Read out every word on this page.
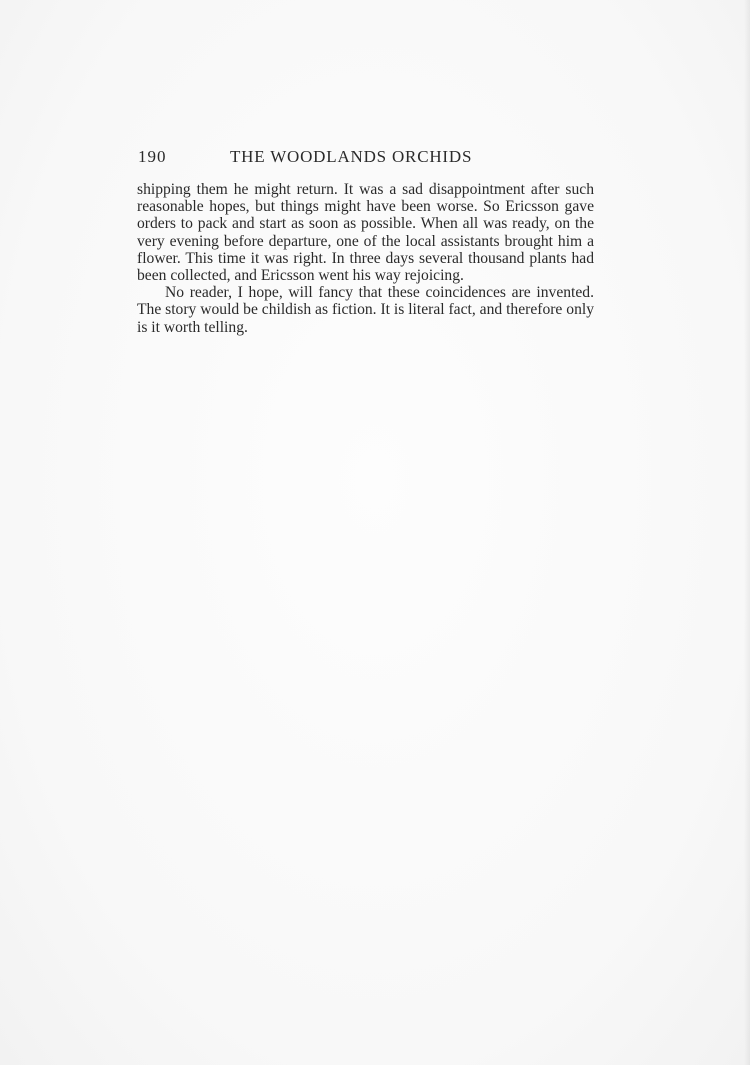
190	THE WOODLANDS ORCHIDS

shipping them he might return. It was a sad disappointment after such reasonable hopes, but things might have been worse. So Ericsson gave orders to pack and start as soon as possible. When all was ready, on the very evening before departure, one of the local assistants brought him a flower. This time it was right. In three days several thousand plants had been collected, and Ericsson went his way rejoicing.

No reader, I hope, will fancy that these coincidences are invented. The story would be childish as fiction. It is literal fact, and therefore only is it worth telling.
